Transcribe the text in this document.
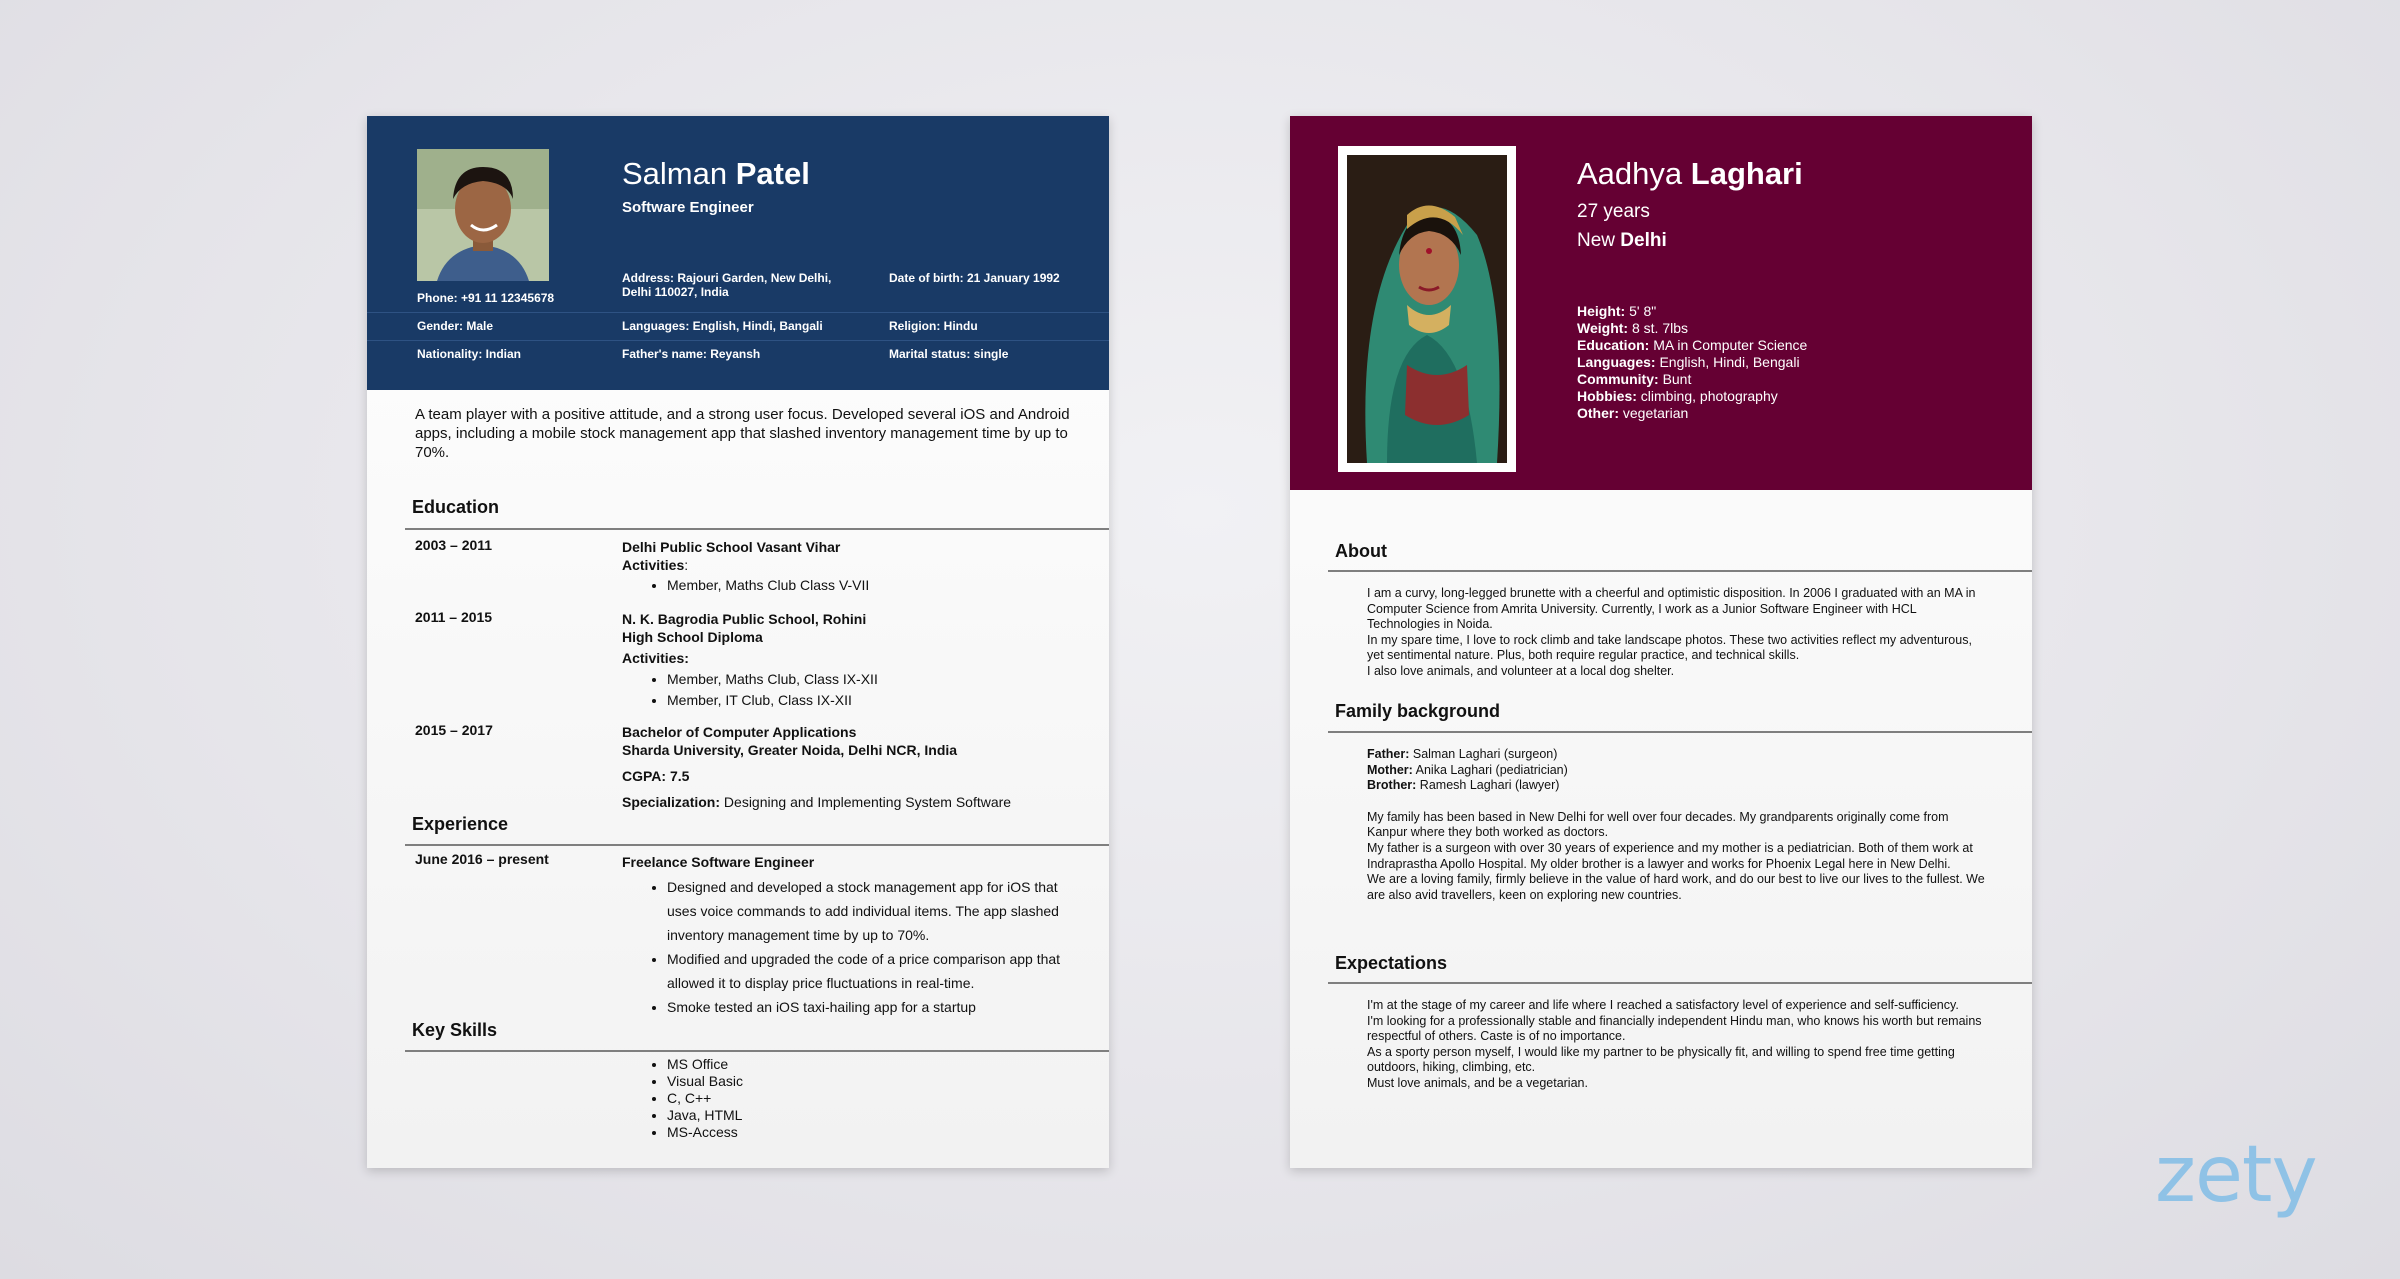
Salman Patel
Software Engineer
Phone: +91 11 12345678
Address: Rajouri Garden, New Delhi, Delhi 110027, India
Date of birth: 21 January 1992
Gender: Male	Languages: English, Hindi, Bangali	Religion: Hindu
Nationality: Indian	Father's name: Reyansh	Marital status: single
A team player with a positive attitude, and a strong user focus. Developed several iOS and Android apps, including a mobile stock management app that slashed inventory management time by up to 70%.
Education
2003 – 2011	Delhi Public School Vasant Vihar
Activities:
• Member, Maths Club Class V-VII
2011 – 2015	N. K. Bagrodia Public School, Rohini
High School Diploma
Activities:
• Member, Maths Club, Class IX-XII
• Member, IT Club, Class IX-XII
2015 – 2017	Bachelor of Computer Applications
Sharda University, Greater Noida, Delhi NCR, India
CGPA: 7.5
Specialization: Designing and Implementing System Software
Experience
June 2016 – present	Freelance Software Engineer
• Designed and developed a stock management app for iOS that uses voice commands to add individual items. The app slashed inventory management time by up to 70%.
• Modified and upgraded the code of a price comparison app that allowed it to display price fluctuations in real-time.
• Smoke tested an iOS taxi-hailing app for a startup
Key Skills
• MS Office
• Visual Basic
• C, C++
• Java, HTML
• MS-Access
Aadhya Laghari
27 years
New Delhi
Height: 5' 8"
Weight: 8 st. 7lbs
Education: MA in Computer Science
Languages: English, Hindi, Bengali
Community: Bunt
Hobbies: climbing, photography
Other: vegetarian
About

I am a curvy, long-legged brunette with a cheerful and optimistic disposition. In 2006 I graduated with an MA in Computer Science from Amrita University. Currently, I work as a Junior Software Engineer with HCL Technologies in Noida.

In my spare time, I love to rock climb and take landscape photos. These two activities reflect my adventurous, yet sentimental nature. Plus, both require regular practice, and technical skills.

I also love animals, and volunteer at a local dog shelter.

Family background

Father: Salman Laghari (surgeon)

Mother: Anika Laghari (pediatrician)

Brother: Ramesh Laghari (lawyer)

My family has been based in New Delhi for well over four decades. My grandparents originally come from Kanpur where they both worked as doctors.

My father is a surgeon with over 30 years of experience and my mother is a pediatrician. Both of them work at Indraprastha Apollo Hospital. My older brother is a lawyer and works for Phoenix Legal here in New Delhi.

We are a loving family, firmly believe in the value of hard work, and do our best to live our lives to the fullest. We are also avid travellers, keen on exploring new countries.

Expectations

I'm at the stage of my career and life where I reached a satisfactory level of experience and self-sufficiency.

I'm looking for a professionally stable and financially independent Hindu man, who knows his worth but remains respectful of others. Caste is of no importance.

As a sporty person myself, I would like my partner to be physically fit, and willing to spend free time getting outdoors, hiking, climbing, etc.

Must love animals, and be a vegetarian.

zety
